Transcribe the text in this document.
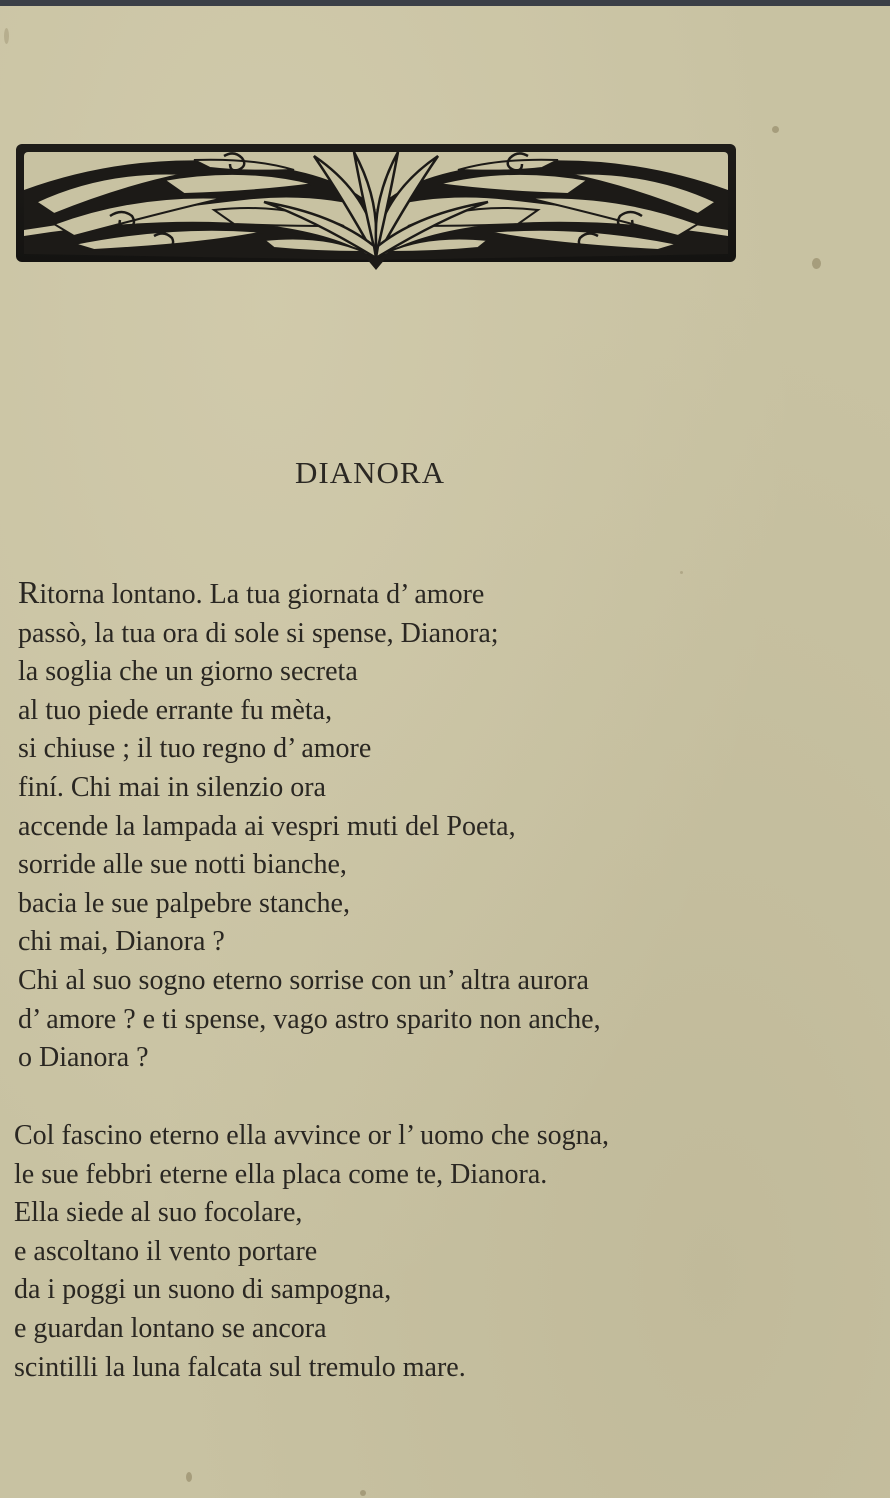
DIANORA
Ritorna lontano. La tua giornata d’ amore
passò, la tua ora di sole si spense, Dianora;
la soglia che un giorno secreta
al tuo piede errante fu mèta,
si chiuse ; il tuo regno d’ amore
finí. Chi mai in silenzio ora
accende la lampada ai vespri muti del Poeta,
sorride alle sue notti bianche,
bacia le sue palpebre stanche,
chi mai, Dianora ?
Chi al suo sogno eterno sorrise con un’ altra aurora
d’ amore ? e ti spense, vago astro sparito non anche,
o Dianora ?
Col fascino eterno ella avvince or l’ uomo che sogna,
le sue febbri eterne ella placa come te, Dianora.
Ella siede al suo focolare,
e ascoltano il vento portare
da i poggi un suono di sampogna,
e guardan lontano se ancora
scintilli la luna falcata sul tremulo mare.
